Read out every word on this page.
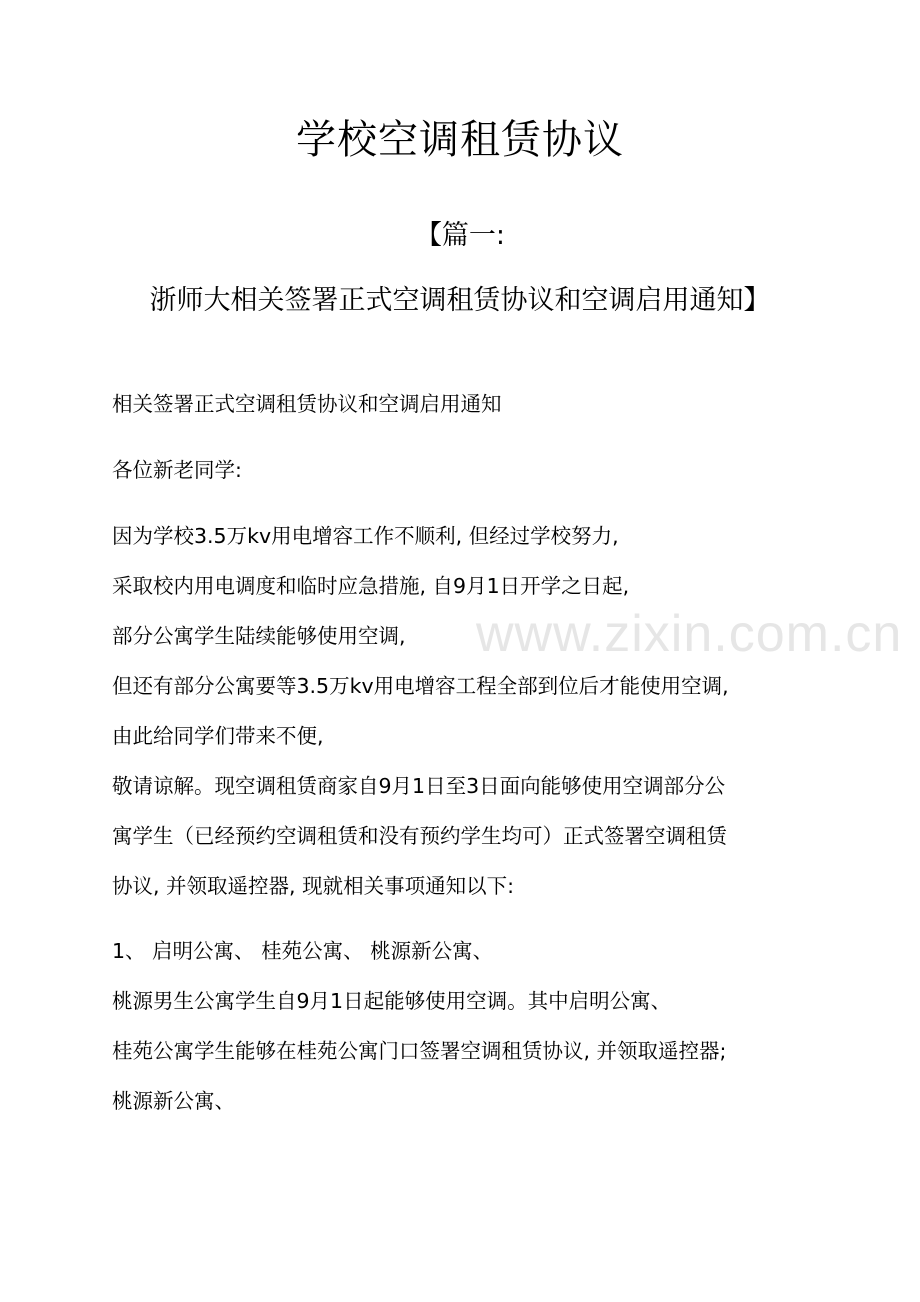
www.zixin.com.cn
学校空调租赁协议
【篇一:
浙师大相关签署正式空调租赁协议和空调启用通知】
相关签署正式空调租赁协议和空调启用通知
各位新老同学:
因为学校3.5万kv用电增容工作不顺利, 但经过学校努力,
采取校内用电调度和临时应急措施, 自9月1日开学之日起,
部分公寓学生陆续能够使用空调,
但还有部分公寓要等3.5万kv用电增容工程全部到位后才能使用空调,
由此给同学们带来不便,
敬请谅解。现空调租赁商家自9月1日至3日面向能够使用空调部分公
寓学生（已经预约空调租赁和没有预约学生均可）正式签署空调租赁
协议, 并领取遥控器, 现就相关事项通知以下:
1、 启明公寓、 桂苑公寓、 桃源新公寓、
桃源男生公寓学生自9月1日起能够使用空调。其中启明公寓、
桂苑公寓学生能够在桂苑公寓门口签署空调租赁协议, 并领取遥控器;
桃源新公寓、
